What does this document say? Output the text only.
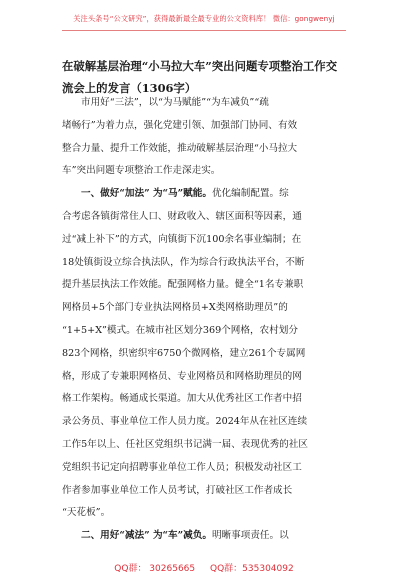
关注头条号“公文研究”，获得最新最全最专业的公文资料库！ 微信：gongwenyj
在破解基层治理“小马拉大车”突出问题专项整治工作交
流会上的发言（1306字）
市用好“三法”，以“为马赋能”“为车减负”“疏
堵畅行”为着力点，强化党建引领、加强部门协同、有效
整合力量、提升工作效能，推动破解基层治理“小马拉大
车”突出问题专项整治工作走深走实。
一、做好“加法” 为“马”赋能。优化编制配置。综
合考虑各镇街常住人口、财政收入、辖区面积等因素，通
过“减上补下”的方式，向镇街下沉100余名事业编制；在
18处镇街设立综合执法队，作为综合行政执法平台，不断
提升基层执法工作效能。配强网格力量。健全“1名专兼职
网格员+5个部门专业执法网格员+X类网格助理员”的
“1+5+X”模式。在城市社区划分369个网格，农村划分
823个网格，织密织牢6750个微网格，建立261个专属网
格，形成了专兼职网格员、专业网格员和网格助理员的网
格工作架构。畅通成长渠道。加大从优秀社区工作者中招
录公务员、事业单位工作人员力度。2024年从在社区连续
工作5年以上、任社区党组织书记满一届、表现优秀的社区
党组织书记定向招聘事业单位工作人员；积极发动社区工
作者参加事业单位工作人员考试，打破社区工作者成长
“天花板”。
二、用好“减法” 为“车”减负。明晰事项责任。以
QQ群： 30265665 QQ群：535304092
